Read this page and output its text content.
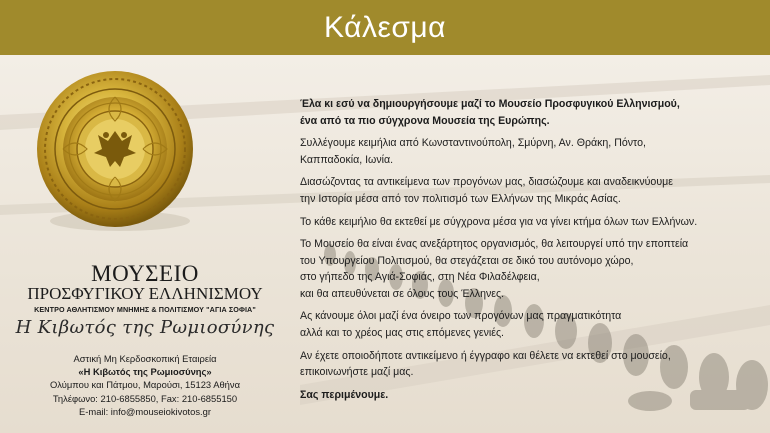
Κάλεσμα
ΜΟΥΣΕΙΟ
ΠΡΟΣΦΥΓΙΚΟΥ ΕΛΛΗΝΙΣΜΟΥ
ΚΕΝΤΡΟ ΑΘΛΗΤΙΣΜΟΥ ΜΝΗΜΗΣ & ΠΟΛΙΤΙΣΜΟΥ "ΑΓΙΑ ΣΟΦΙΑ"
Η Κιβωτός της Ρωμιοσύνης
Αστική Μη Κερδοσκοπική Εταιρεία
«Η Κιβωτός της Ρωμιοσύνης»
Ολύμπου και Πάτμου, Μαρούσι, 15123 Αθήνα
Τηλέφωνο: 210-6855850, Fax: 210-6855150
E-mail: info@mouseiokivotos.gr

Έλα κι εσύ να δημιουργήσουμε μαζί το Μουσείο Προσφυγικού Ελληνισμού,
ένα από τα πιο σύγχρονα Μουσεία της Ευρώπης.

Συλλέγουμε κειμήλια από Κωνσταντινούπολη, Σμύρνη, Αν. Θράκη, Πόντο,
Καππαδοκία, Ιωνία.

Διασώζοντας τα αντικείμενα των προγόνων μας, διασώζουμε και αναδεικνύουμε
την Ιστορία μέσα από τον πολιτισμό των Ελλήνων της Μικράς Ασίας.

Το κάθε κειμήλιο θα εκτεθεί με σύγχρονα μέσα για να γίνει κτήμα όλων των Ελλήνων.

Το Μουσείο θα είναι ένας ανεξάρτητος οργανισμός, θα λειτουργεί υπό την εποπτεία
του Υπουργείου Πολιτισμού, θα στεγάζεται σε δικό του αυτόνομο χώρο,
στο γήπεδο της Αγιά-Σοφιάς, στη Νέα Φιλαδέλφεια,
και θα απευθύνεται σε όλους τους Έλληνες.

Ας κάνουμε όλοι μαζί ένα όνειρο των προγόνων μας πραγματικότητα
αλλά και το χρέος μας στις επόμενες γενιές.

Αν έχετε οποιοδήποτε αντικείμενο ή έγγραφο και θέλετε να εκτεθεί στο μουσείο,
επικοινωνήστε μαζί μας.

Σας περιμένουμε.
